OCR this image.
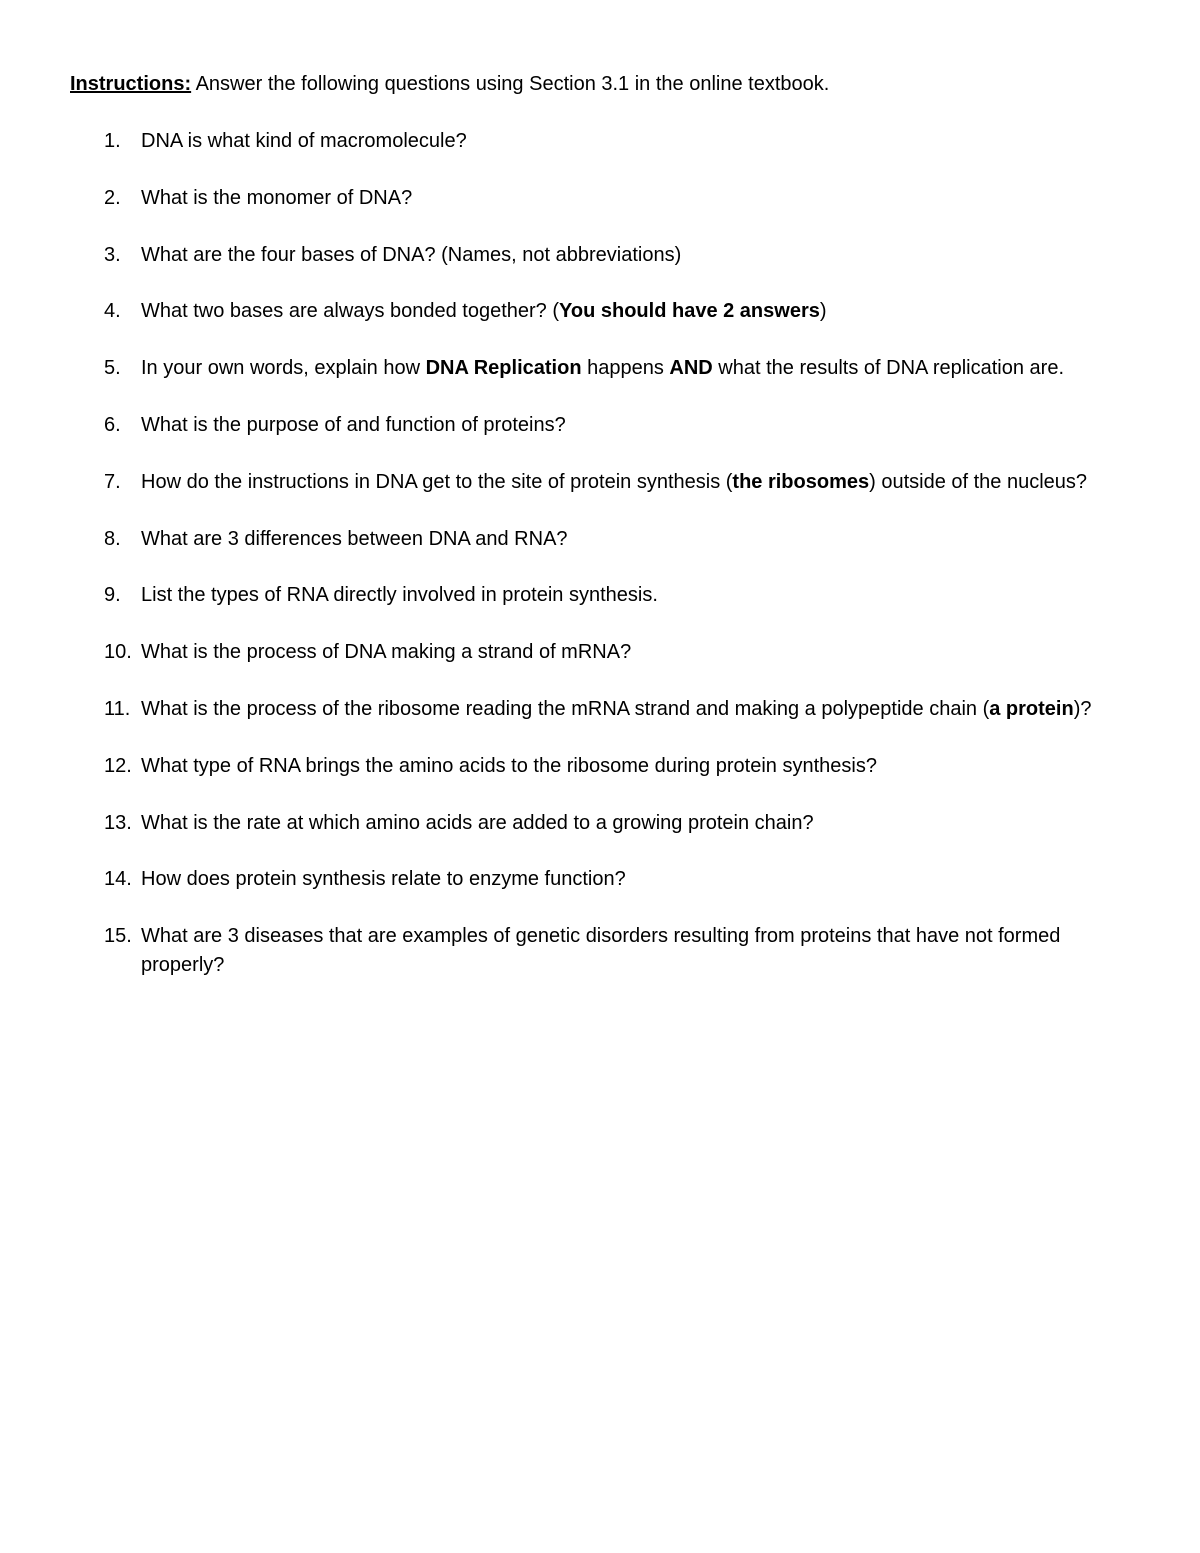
Instructions: Answer the following questions using Section 3.1 in the online textbook.
1. DNA is what kind of macromolecule?
2. What is the monomer of DNA?
3. What are the four bases of DNA? (Names, not abbreviations)
4. What two bases are always bonded together? (You should have 2 answers)
5. In your own words, explain how DNA Replication happens AND what the results of DNA replication are.
6. What is the purpose of and function of proteins?
7. How do the instructions in DNA get to the site of protein synthesis (the ribosomes) outside of the nucleus?
8. What are 3 differences between DNA and RNA?
9. List the types of RNA directly involved in protein synthesis.
10. What is the process of DNA making a strand of mRNA?
11. What is the process of the ribosome reading the mRNA strand and making a polypeptide chain (a protein)?
12. What type of RNA brings the amino acids to the ribosome during protein synthesis?
13. What is the rate at which amino acids are added to a growing protein chain?
14. How does protein synthesis relate to enzyme function?
15. What are 3 diseases that are examples of genetic disorders resulting from proteins that have not formed properly?
